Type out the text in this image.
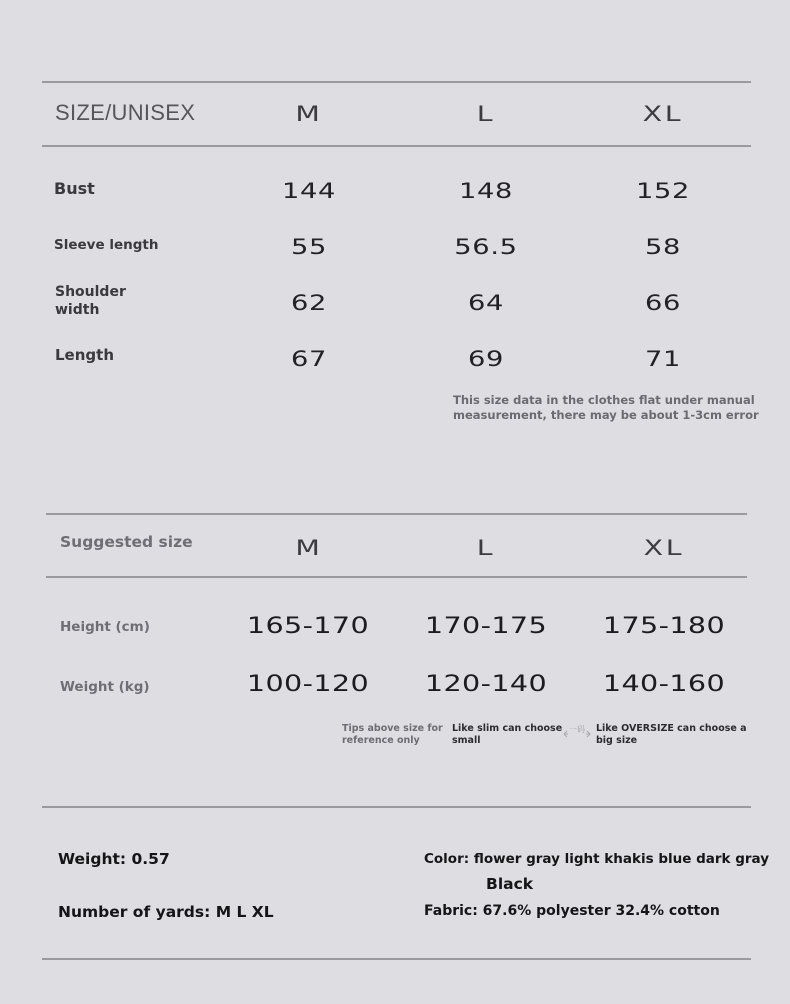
SIZE/UNISEX	M	L	XL
Bust	144	148	152
Sleeve length	55	56.5	58
Shoulder
width	62	64	66
Length	67	69	71
This size data in the clothes flat under manual
measurement, there may be about 1-3cm error
Suggested size	M	L	XL
Height (cm)	165-170	170-175	175-180
Weight (kg)	100-120	120-140	140-160
Tips above size for
reference only
Like slim can choose
small
一码 Like OVERSIZE can choose a
big size
Weight: 0.57
Number of yards: M L XL
Color: flower gray light khakis blue dark gray
Black
Fabric: 67.6% polyester 32.4% cotton
